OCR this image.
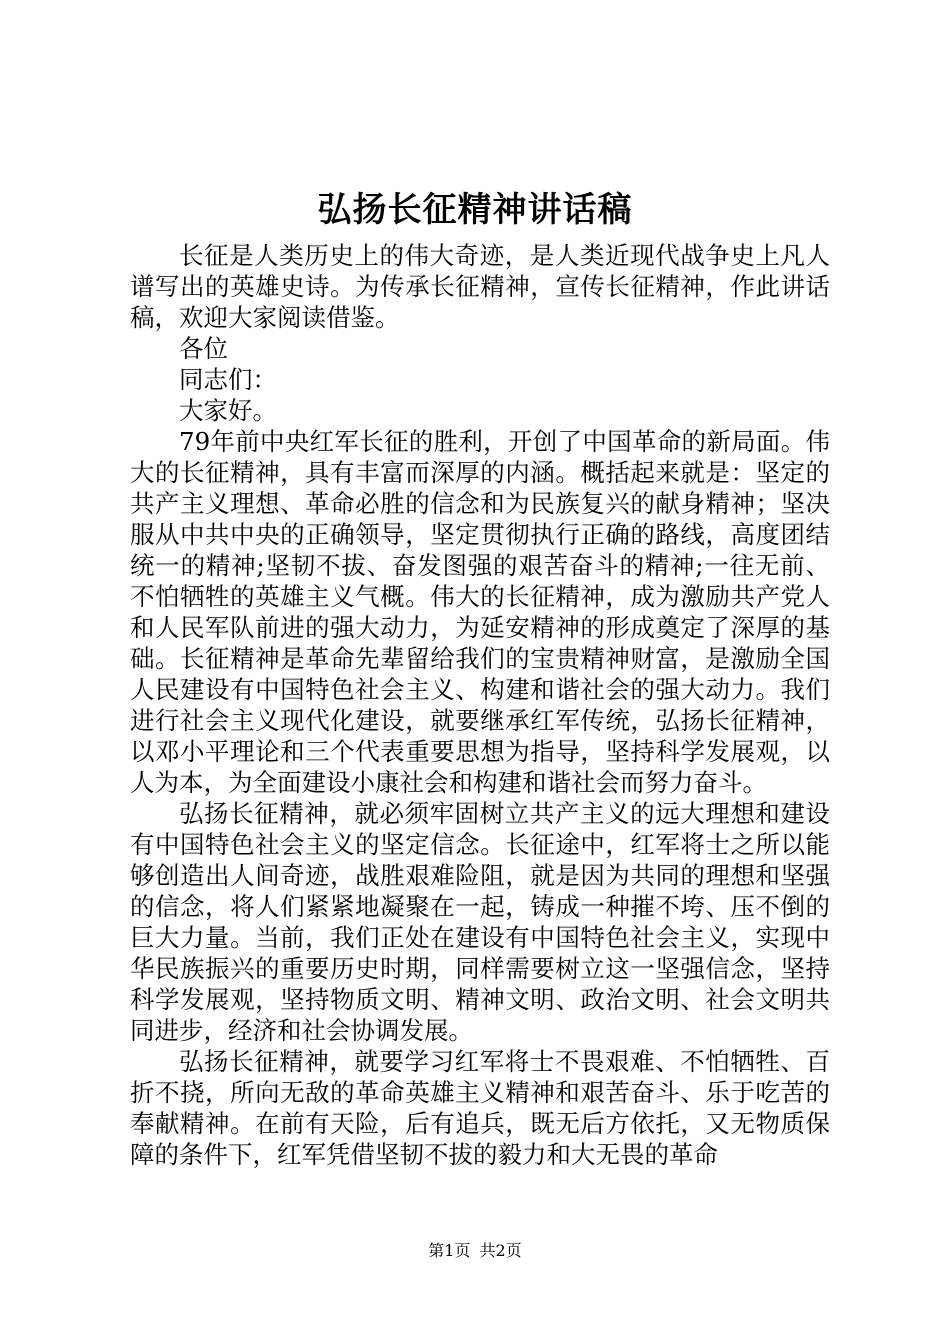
弘扬长征精神讲话稿

长征是人类历史上的伟大奇迹，是人类近现代战争史上凡人谱写出的英雄史诗。为传承长征精神，宣传长征精神，作此讲话稿，欢迎大家阅读借鉴。

各位

同志们：

大家好。

79年前中央红军长征的胜利，开创了中国革命的新局面。伟大的长征精神，具有丰富而深厚的内涵。概括起来就是：坚定的共产主义理想、革命必胜的信念和为民族复兴的献身精神；坚决服从中共中央的正确领导，坚定贯彻执行正确的路线，高度团结统一的精神;坚韧不拔、奋发图强的艰苦奋斗的精神;一往无前、不怕牺牲的英雄主义气概。伟大的长征精神，成为激励共产党人和人民军队前进的强大动力，为延安精神的形成奠定了深厚的基础。长征精神是革命先辈留给我们的宝贵精神财富，是激励全国人民建设有中国特色社会主义、构建和谐社会的强大动力。我们进行社会主义现代化建设，就要继承红军传统，弘扬长征精神，以邓小平理论和三个代表重要思想为指导，坚持科学发展观，以人为本，为全面建设小康社会和构建和谐社会而努力奋斗。

弘扬长征精神，就必须牢固树立共产主义的远大理想和建设有中国特色社会主义的坚定信念。长征途中，红军将士之所以能够创造出人间奇迹，战胜艰难险阻，就是因为共同的理想和坚强的信念，将人们紧紧地凝聚在一起，铸成一种摧不垮、压不倒的巨大力量。当前，我们正处在建设有中国特色社会主义，实现中华民族振兴的重要历史时期，同样需要树立这一坚强信念，坚持科学发展观，坚持物质文明、精神文明、政治文明、社会文明共同进步，经济和社会协调发展。

弘扬长征精神，就要学习红军将士不畏艰难、不怕牺牲、百折不挠，所向无敌的革命英雄主义精神和艰苦奋斗、乐于吃苦的奉献精神。在前有天险，后有追兵，既无后方依托，又无物质保障的条件下，红军凭借坚韧不拔的毅力和大无畏的革命

第1页 共2页
